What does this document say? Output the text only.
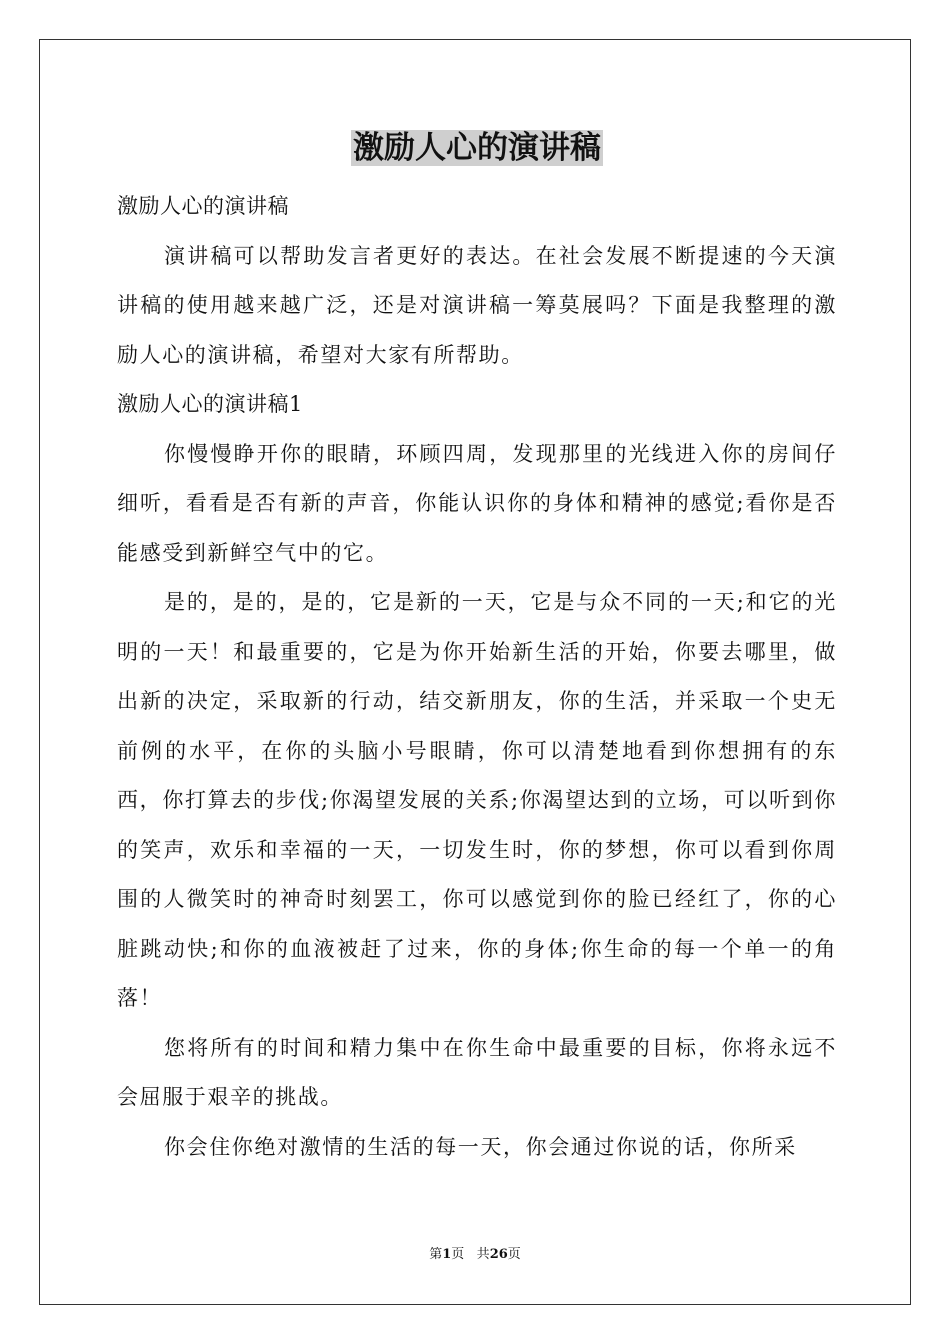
激励人心的演讲稿

激励人心的演讲稿

演讲稿可以帮助发言者更好的表达。在社会发展不断提速的今天演讲稿的使用越来越广泛，还是对演讲稿一筹莫展吗？下面是我整理的激励人心的演讲稿，希望对大家有所帮助。

激励人心的演讲稿1

你慢慢睁开你的眼睛，环顾四周，发现那里的光线进入你的房间仔细听，看看是否有新的声音，你能认识你的身体和精神的感觉;看你是否能感受到新鲜空气中的它。

是的，是的，是的，它是新的一天，它是与众不同的一天;和它的光明的一天！和最重要的，它是为你开始新生活的开始，你要去哪里，做出新的决定，采取新的行动，结交新朋友，你的生活，并采取一个史无前例的水平，在你的头脑小号眼睛，你可以清楚地看到你想拥有的东西，你打算去的步伐;你渴望发展的关系;你渴望达到的立场，可以听到你的笑声，欢乐和幸福的一天，一切发生时，你的梦想，你可以看到你周围的人微笑时的神奇时刻罢工，你可以感觉到你的脸已经红了，你的心脏跳动快;和你的血液被赶了过来，你的身体;你生命的每一个单一的角落！

您将所有的时间和精力集中在你生命中最重要的目标，你将永远不会屈服于艰辛的挑战。

你会住你绝对激情的生活的每一天，你会通过你说的话，你所采

第1页 共26页
